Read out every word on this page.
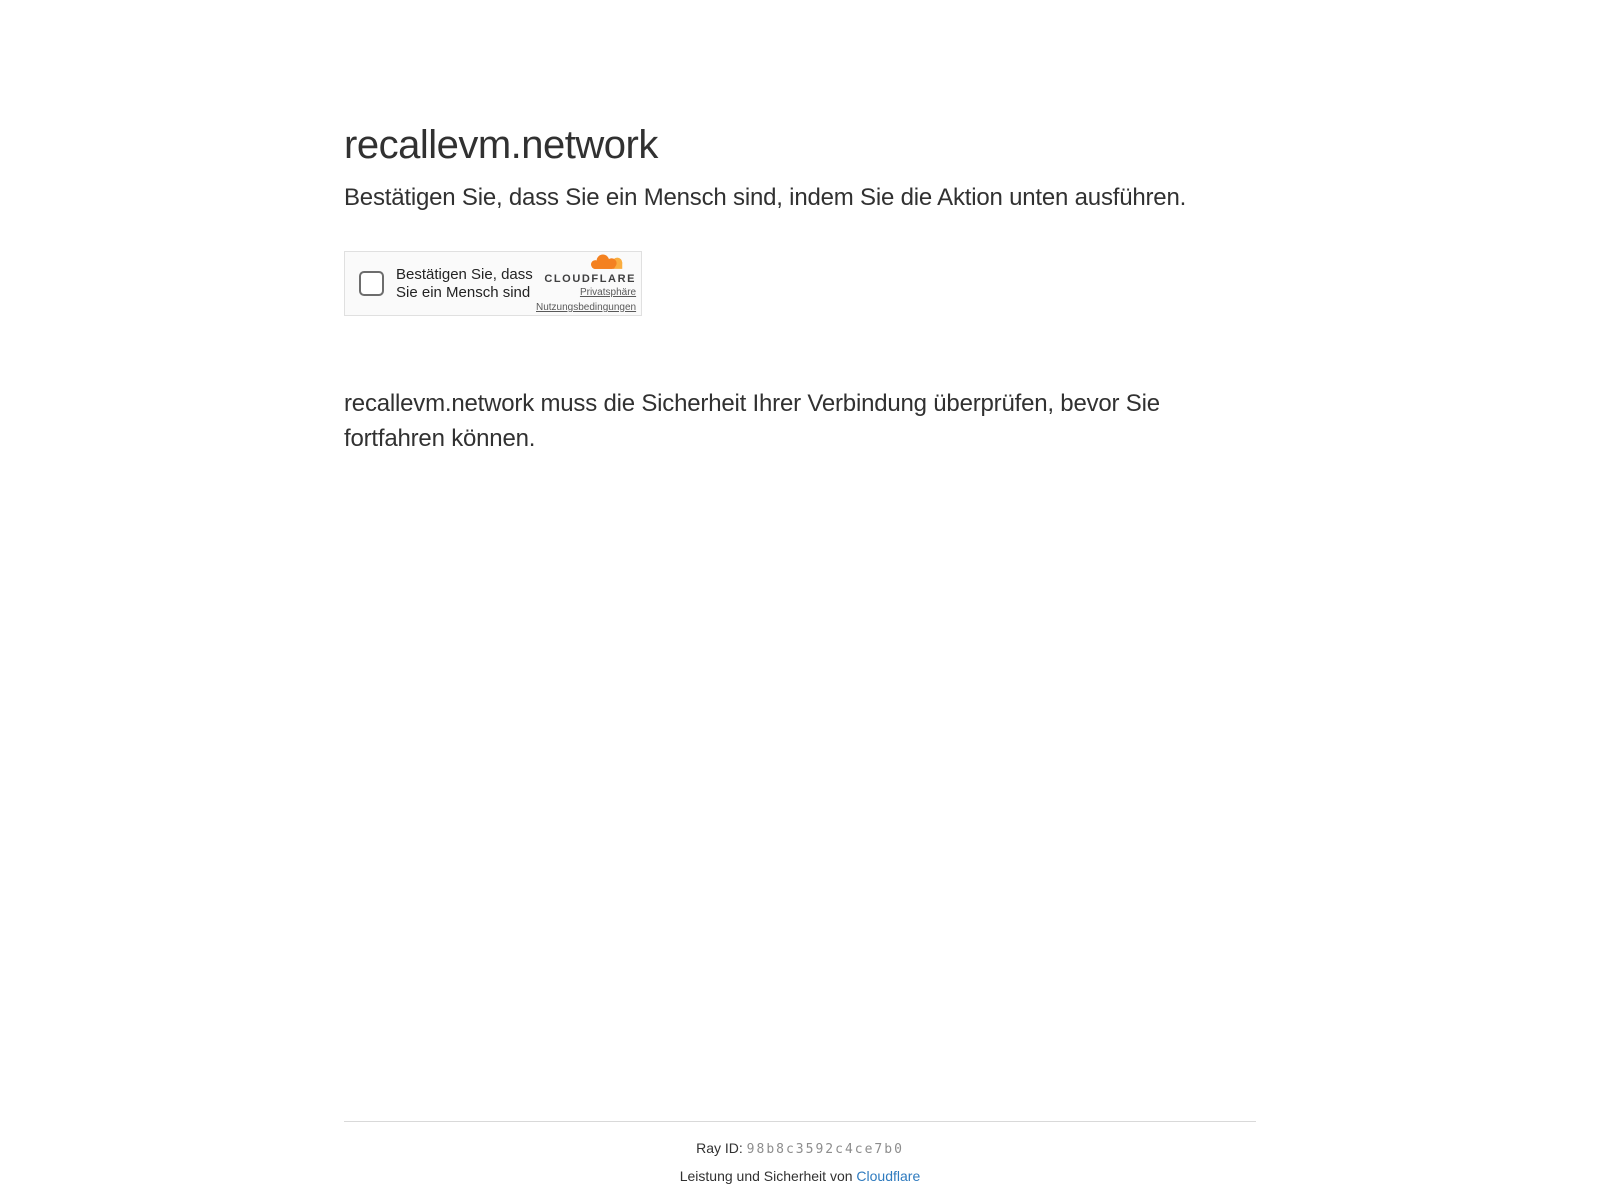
recallevm.network
Bestätigen Sie, dass Sie ein Mensch sind, indem Sie die Aktion unten ausführen.
Bestätigen Sie, dass Sie ein Mensch sind
CLOUDFLARE
Privatsphäre
Nutzungsbedingungen

recallevm.network muss die Sicherheit Ihrer Verbindung überprüfen, bevor Sie fortfahren können.

Ray ID: 98b8c3592c4ce7b0
Leistung und Sicherheit von Cloudflare
